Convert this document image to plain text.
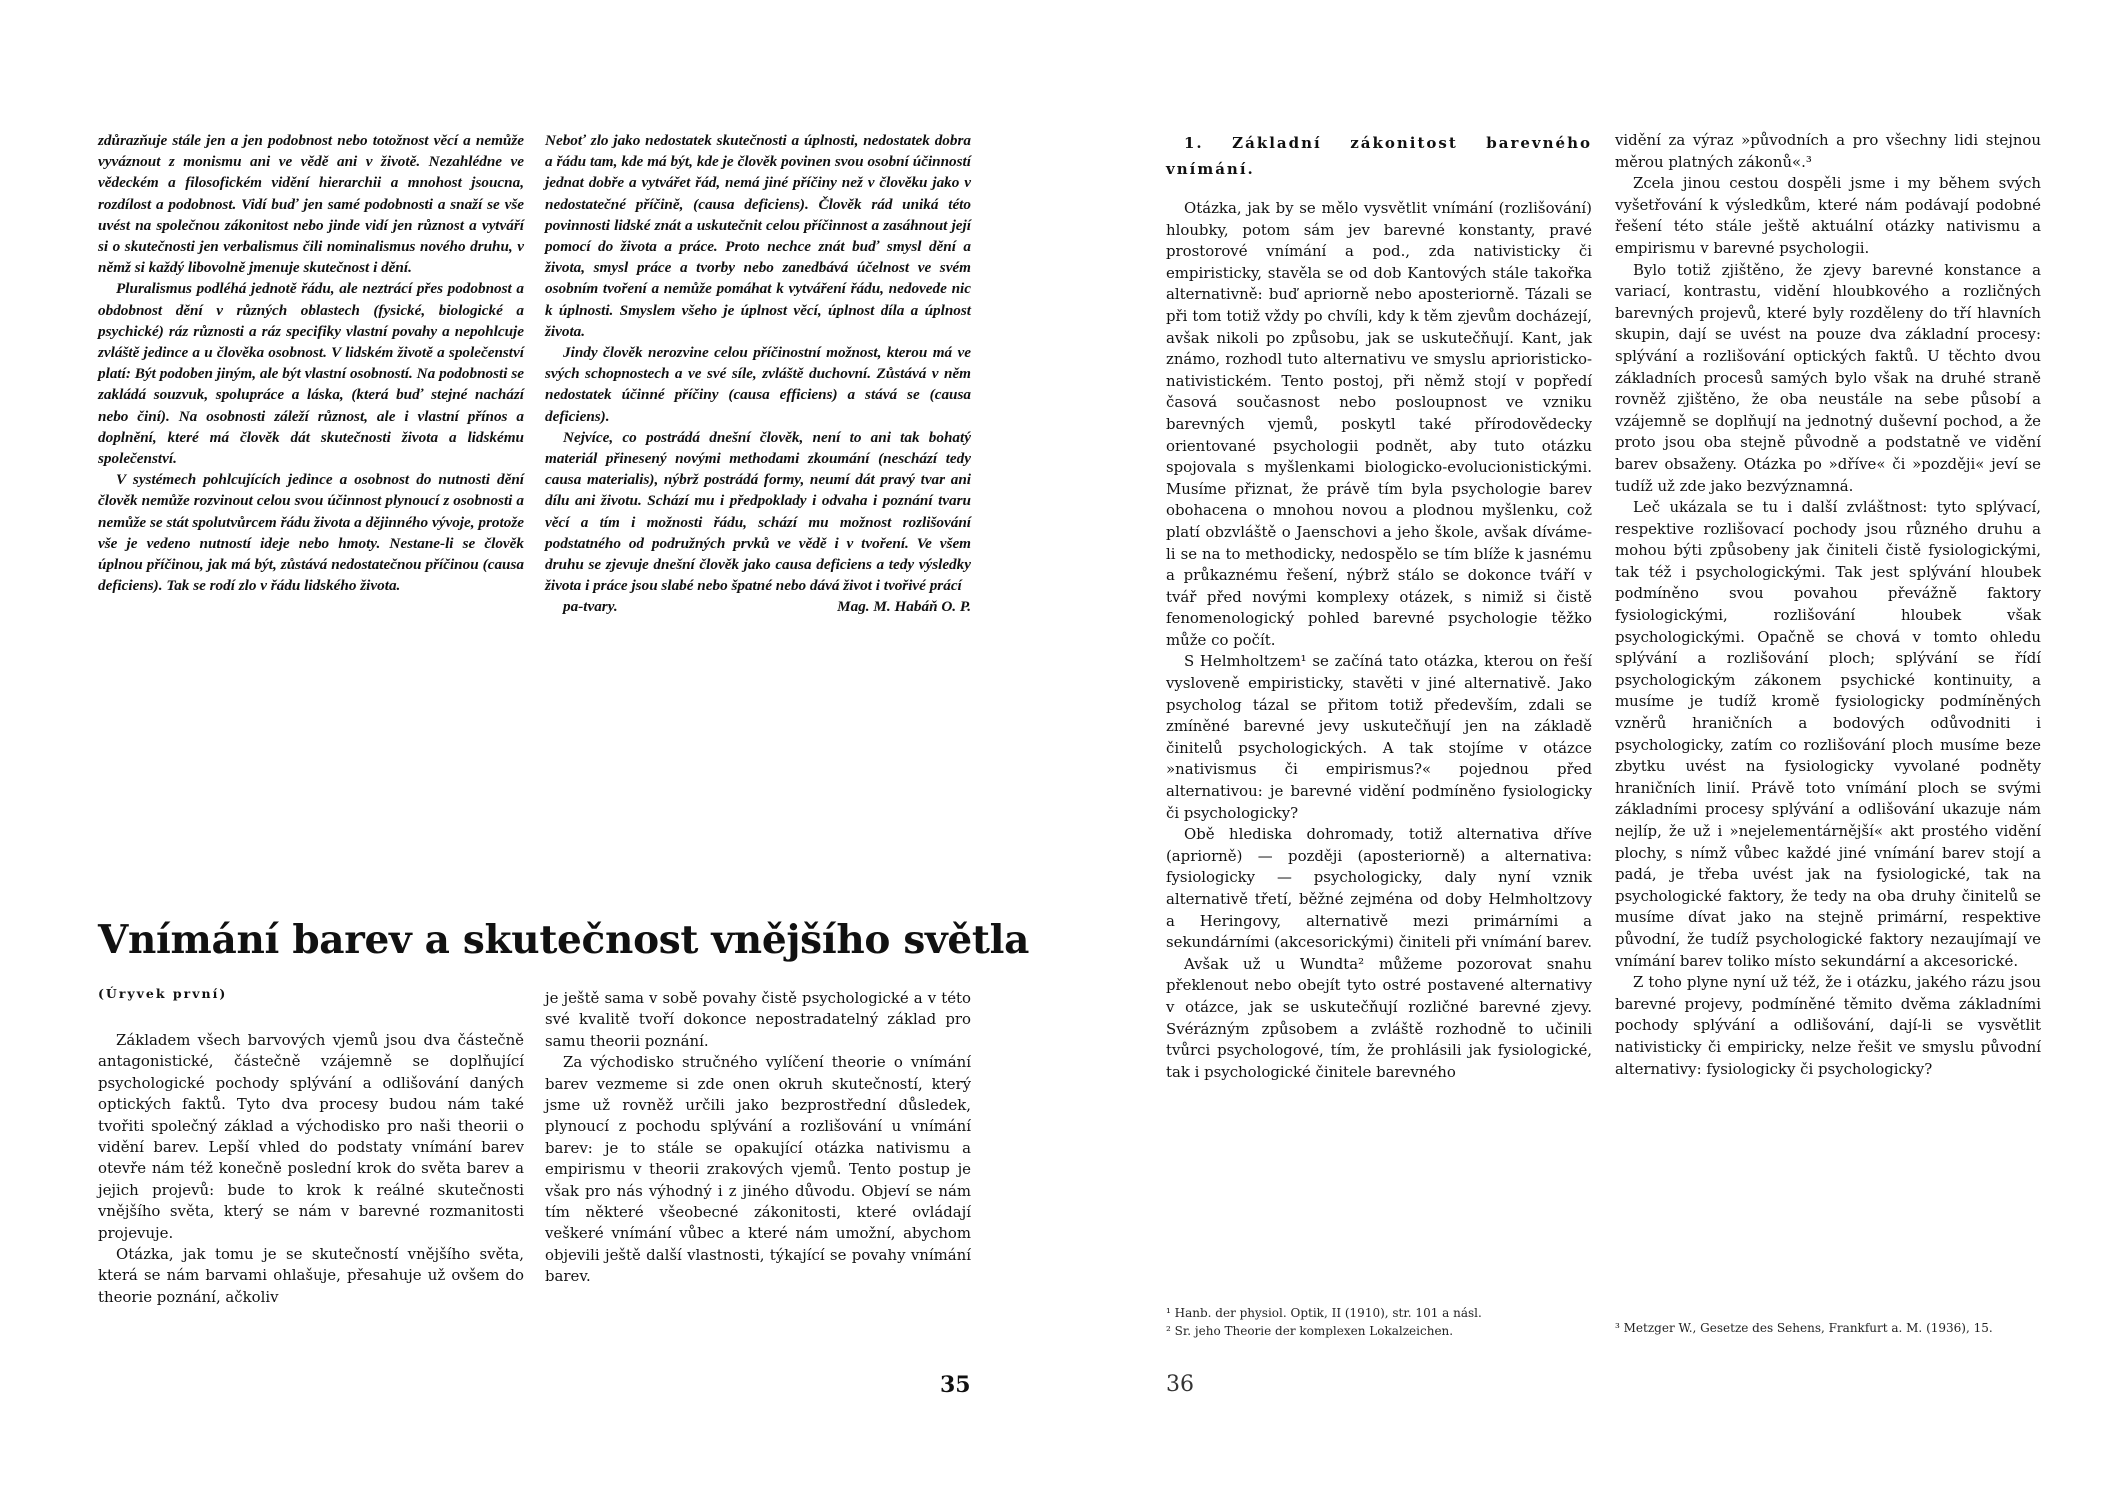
zdůrazňuje stále jen a jen podobnost nebo totožnost věcí a nemůže vyváznout z monismu ani ve vědě ani v životě. Nezahlédne ve vědeckém a filosofickém vidění hierarchii a mnohost jsoucna, rozdílost a podobnost. Vidí buď jen samé podobnosti a snaží se vše uvést na společnou zákonitost nebo jinde vidí jen různost a vytváří si o skutečnosti jen verbalismus čili nominalismus nového druhu, v němž si každý libovolně jmenuje skutečnost i dění.

Pluralismus podléhá jednotě řádu, ale neztrácí přes podobnost a obdobnost dění v různých oblastech (fysické, biologické a psychické) ráz různosti a ráz specifiky vlastní povahy a nepohlcuje zvláště jedince a u člověka osobnost. V lidském životě a společenství platí: Být podoben jiným, ale být vlastní osobností. Na podobnosti se zakládá souzvuk, spolupráce a láska, (která buď stejné nachází nebo činí). Na osobnosti záleží různost, ale i vlastní přínos a doplnění, které má člověk dát skutečnosti života a lidskému společenství.

V systémech pohlcujících jedince a osobnost do nutnosti dění člověk nemůže rozvinout celou svou účinnost plynoucí z osobnosti a nemůže se stát spolutvůrcem řádu života a dějinného vývoje, protože vše je vedeno nutností ideje nebo hmoty. Nestane-li se člověk úplnou příčinou, jak má být, zůstává nedostatečnou příčinou (causa deficiens). Tak se rodí zlo v řádu lidského života.

Neboť zlo jako nedostatek skutečnosti a úplnosti, nedostatek dobra a řádu tam, kde má být, kde je člověk povinen svou osobní účinností jednat dobře a vytvářet řád, nemá jiné příčiny než v člověku jako v nedostatečné příčině, (causa deficiens). Člověk rád uniká této povinnosti lidské znát a uskutečnit celou příčinnost a zasáhnout její pomocí do života a práce. Proto nechce znát buď smysl dění a života, smysl práce a tvorby nebo zanedbává účelnost ve svém osobním tvoření a nemůže pomáhat k vytváření řádu, nedovede nic k úplnosti. Smyslem všeho je úplnost věcí, úplnost díla a úplnost života.

Jindy člověk nerozvine celou příčinostní možnost, kterou má ve svých schopnostech a ve své síle, zvláště duchovní. Zůstává v něm nedostatek účinné příčiny (causa efficiens) a stává se (causa deficiens).

Nejvíce, co postrádá dnešní člověk, není to ani tak bohatý materiál přinesený novými methodami zkoumání (neschází tedy causa materialis), nýbrž postrádá formy, neumí dát pravý tvar ani dílu ani životu. Schází mu i předpoklady i odvaha i poznání tvaru věcí a tím i možnosti řádu, schází mu možnost rozlišování podstatného od podružných prvků ve vědě i v tvoření. Ve všem druhu se zjevuje dnešní člověk jako causa deficiens a tedy výsledky života i práce jsou slabé nebo špatné nebo dává život i tvořivé prácí

pa-tvary.	Mag. M. Habáň O. P.

Vnímání barev a skutečnost vnějšího světla
(Úryvek první)

Základem všech barvových vjemů jsou dva částečně antagonistické, částečně vzájemně se doplňující psychologické pochody splývání a odlišování daných optických faktů. Tyto dva procesy budou nám také tvořiti společný základ a východisko pro naši theorii o vidění barev. Lepší vhled do podstaty vnímání barev otevře nám též konečně poslední krok do světa barev a jejich projevů: bude to krok k reálné skutečnosti vnějšího světa, který se nám v barevné rozmanitosti projevuje.

Otázka, jak tomu je se skutečností vnějšího světa, která se nám barvami ohlašuje, přesahuje už ovšem do theorie poznání, ačkoliv

je ještě sama v sobě povahy čistě psychologické a v této své kvalitě tvoří dokonce nepostradatelný základ pro samu theorii poznání.

Za východisko stručného vylíčení theorie o vnímání barev vezmeme si zde onen okruh skutečností, který jsme už rovněž určili jako bezprostřední důsledek, plynoucí z pochodu splývání a rozlišování u vnímání barev: je to stále se opakující otázka nativismu a empirismu v theorii zrakových vjemů. Tento postup je však pro nás výhodný i z jiného důvodu. Objeví se nám tím některé všeobecné zákonitosti, které ovládají veškeré vnímání vůbec a které nám umožní, abychom objevili ještě další vlastnosti, týkající se povahy vnímání barev.

35

1. Základní zákonitost barevného vnímání.

Otázka, jak by se mělo vysvětlit vnímání (rozlišování) hloubky, potom sám jev barevné konstanty, pravé prostorové vnímání a pod., zda nativisticky či empiristicky, stavěla se od dob Kantových stále takořka alternativně: buď apriorně nebo aposteriorně. Tázali se při tom totiž vždy po chvíli, kdy k těm zjevům docházejí, avšak nikoli po způsobu, jak se uskutečňují. Kant, jak známo, rozhodl tuto alternativu ve smyslu aprioristicko-nativistickém. Tento postoj, při němž stojí v popředí časová současnost nebo posloupnost ve vzniku barevných vjemů, poskytl také přírodovědecky orientované psychologii podnět, aby tuto otázku spojovala s myšlenkami biologicko-evolucionistickými. Musíme přiznat, že právě tím byla psychologie barev obohacena o mnohou novou a plodnou myšlenku, což platí obzvláště o Jaenschovi a jeho škole, avšak díváme-li se na to methodicky, nedospělo se tím blíže k jasnému a průkaznému řešení, nýbrž stálo se dokonce tváří v tvář před novými komplexy otázek, s nimiž si čistě fenomenologický pohled barevné psychologie těžko může co počít.

S Helmholtzem¹ se začíná tato otázka, kterou on řeší vysloveně empiristicky, stavěti v jiné alternativě. Jako psycholog tázal se přitom totiž především, zdali se zmíněné barevné jevy uskutečňují jen na základě činitelů psychologických. A tak stojíme v otázce »nativismus či empirismus?« pojednou před alternativou: je barevné vidění podmíněno fysiologicky či psychologicky?

Obě hlediska dohromady, totiž alternativa dříve (apriorně) — později (aposteriorně) a alternativa: fysiologicky — psychologicky, daly nyní vznik alternativě třetí, běžné zejména od doby Helmholtzovy a Heringovy, alternativě mezi primárními a sekundárními (akcesorickými) činiteli při vnímání barev.

Avšak už u Wundta² můžeme pozorovat snahu překlenout nebo obejít tyto ostré postavené alternativy v otázce, jak se uskutečňují rozličné barevné zjevy. Svérázným způsobem a zvláště rozhodně to učinili tvůrci psychologové, tím, že prohlásili jak fysiologické, tak i psychologické činitele barevného

¹ Hanb. der physiol. Optik, II (1910), str. 101 a násl.
² Sr. jeho Theorie der komplexen Lokalzeichen.

vidění za výraz »původních a pro všechny lidi stejnou měrou platných zákonů«.³

Zcela jinou cestou dospěli jsme i my během svých vyšetřování k výsledkům, které nám podávají podobné řešení této stále ještě aktuální otázky nativismu a empirismu v barevné psychologii.

Bylo totiž zjištěno, že zjevy barevné konstance a variací, kontrastu, vidění hloubkového a rozličných barevných projevů, které byly rozděleny do tří hlavních skupin, dají se uvést na pouze dva základní procesy: splývání a rozlišování optických faktů. U těchto dvou základních procesů samých bylo však na druhé straně rovněž zjištěno, že oba neustále na sebe působí a vzájemně se doplňují na jednotný duševní pochod, a že proto jsou oba stejně původně a podstatně ve vidění barev obsaženy. Otázka po »dříve« či »později« jeví se tudíž už zde jako bezvýznamná.

Leč ukázala se tu i další zvláštnost: tyto splývací, respektive rozlišovací pochody jsou různého druhu a mohou býti způsobeny jak činiteli čistě fysiologickými, tak též i psychologickými. Tak jest splývání hloubek podmíněno svou povahou převážně faktory fysiologickými, rozlišování hloubek však psychologickými. Opačně se chová v tomto ohledu splývání a rozlišování ploch; splývání se řídí psychologickým zákonem psychické kontinuity, a musíme je tudíž kromě fysiologicky podmíněných vzněrů hraničních a bodových odůvodniti i psychologicky, zatím co rozlišování ploch musíme beze zbytku uvést na fysiologicky vyvolané podněty hraničních linií. Právě toto vnímání ploch se svými základními procesy splývání a odlišování ukazuje nám nejlíp, že už i »nejelementárnější« akt prostého vidění plochy, s nímž vůbec každé jiné vnímání barev stojí a padá, je třeba uvést jak na fysiologické, tak na psychologické faktory, že tedy na oba druhy činitelů se musíme dívat jako na stejně primární, respektive původní, že tudíž psychologické faktory nezaujímají ve vnímání barev toliko místo sekundární a akcesorické.

Z toho plyne nyní už též, že i otázku, jakého rázu jsou barevné projevy, podmíněné těmito dvěma základními pochody splývání a odlišování, dají-li se vysvětlit nativisticky či empiricky, nelze řešit ve smyslu původní alternativy: fysiologicky či psychologicky?

³ Metzger W., Gesetze des Sehens, Frankfurt a. M. (1936), 15.
36
